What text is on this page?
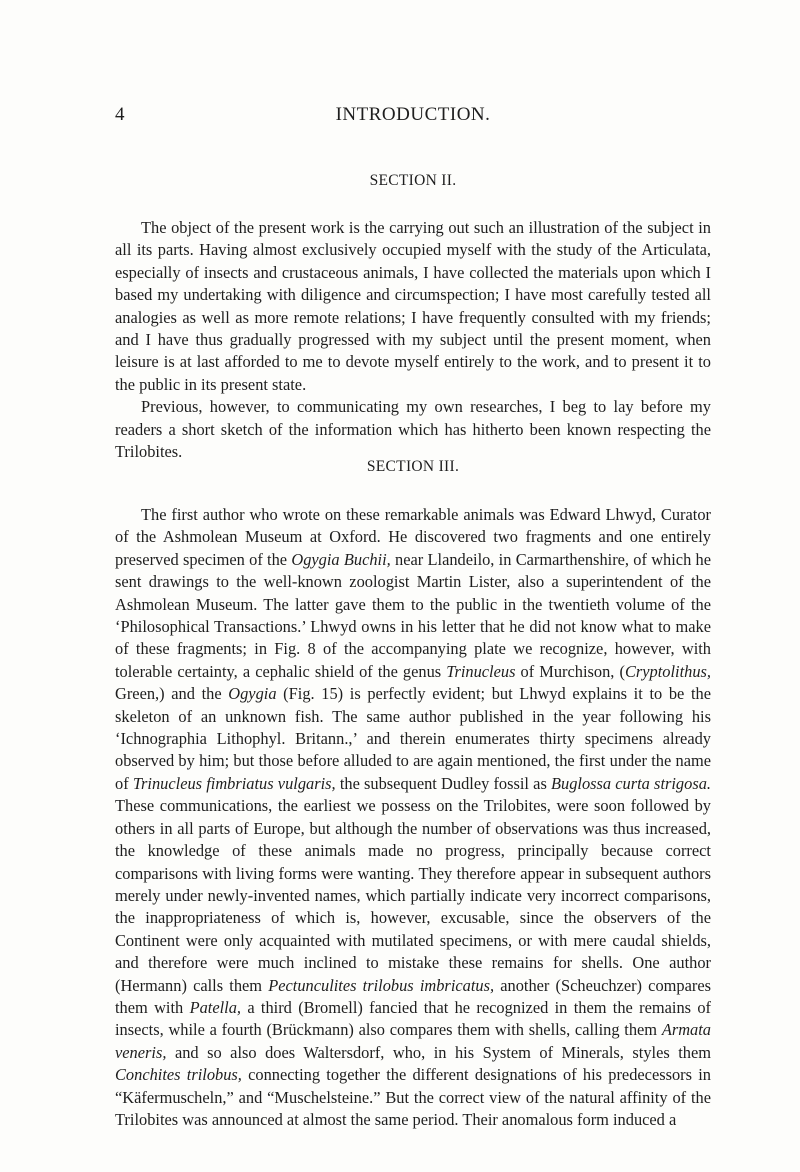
4	INTRODUCTION.
SECTION II.

The object of the present work is the carrying out such an illustration of the subject in all its parts. Having almost exclusively occupied myself with the study of the Articulata, especially of insects and crustaceous animals, I have collected the materials upon which I based my undertaking with diligence and circumspection; I have most carefully tested all analogies as well as more remote relations; I have frequently consulted with my friends; and I have thus gradually progressed with my subject until the present moment, when leisure is at last afforded to me to devote myself entirely to the work, and to present it to the public in its present state.

Previous, however, to communicating my own researches, I beg to lay before my readers a short sketch of the information which has hitherto been known respecting the Trilobites.

SECTION III.

The first author who wrote on these remarkable animals was Edward Lhwyd, Curator of the Ashmolean Museum at Oxford. He discovered two fragments and one entirely preserved specimen of the Ogygia Buchii, near Llandeilo, in Carmarthenshire, of which he sent drawings to the well-known zoologist Martin Lister, also a superintendent of the Ashmolean Museum. The latter gave them to the public in the twentieth volume of the ‘Philosophical Transactions.’ Lhwyd owns in his letter that he did not know what to make of these fragments; in Fig. 8 of the accompanying plate we recognize, however, with tolerable certainty, a cephalic shield of the genus Trinucleus of Murchison, (Cryptolithus, Green,) and the Ogygia (Fig. 15) is perfectly evident; but Lhwyd explains it to be the skeleton of an unknown fish. The same author published in the year following his ‘Ichnographia Lithophyl. Britann.,’ and therein enumerates thirty specimens already observed by him; but those before alluded to are again mentioned, the first under the name of Trinucleus fimbriatus vulgaris, the subsequent Dudley fossil as Buglossa curta strigosa. These communications, the earliest we possess on the Trilobites, were soon followed by others in all parts of Europe, but although the number of observations was thus increased, the knowledge of these animals made no progress, principally because correct comparisons with living forms were wanting. They therefore appear in subsequent authors merely under newly-invented names, which partially indicate very incorrect comparisons, the inappropriateness of which is, however, excusable, since the observers of the Continent were only acquainted with mutilated specimens, or with mere caudal shields, and therefore were much inclined to mistake these remains for shells. One author (Hermann) calls them Pectunculites trilobus imbricatus, another (Scheuchzer) compares them with Patella, a third (Bromell) fancied that he recognized in them the remains of insects, while a fourth (Brückmann) also compares them with shells, calling them Armata veneris, and so also does Waltersdorf, who, in his System of Minerals, styles them Conchites trilobus, connecting together the different designations of his predecessors in “Käfermuscheln,” and “Muschelsteine.” But the correct view of the natural affinity of the Trilobites was announced at almost the same period. Their anomalous form induced a
